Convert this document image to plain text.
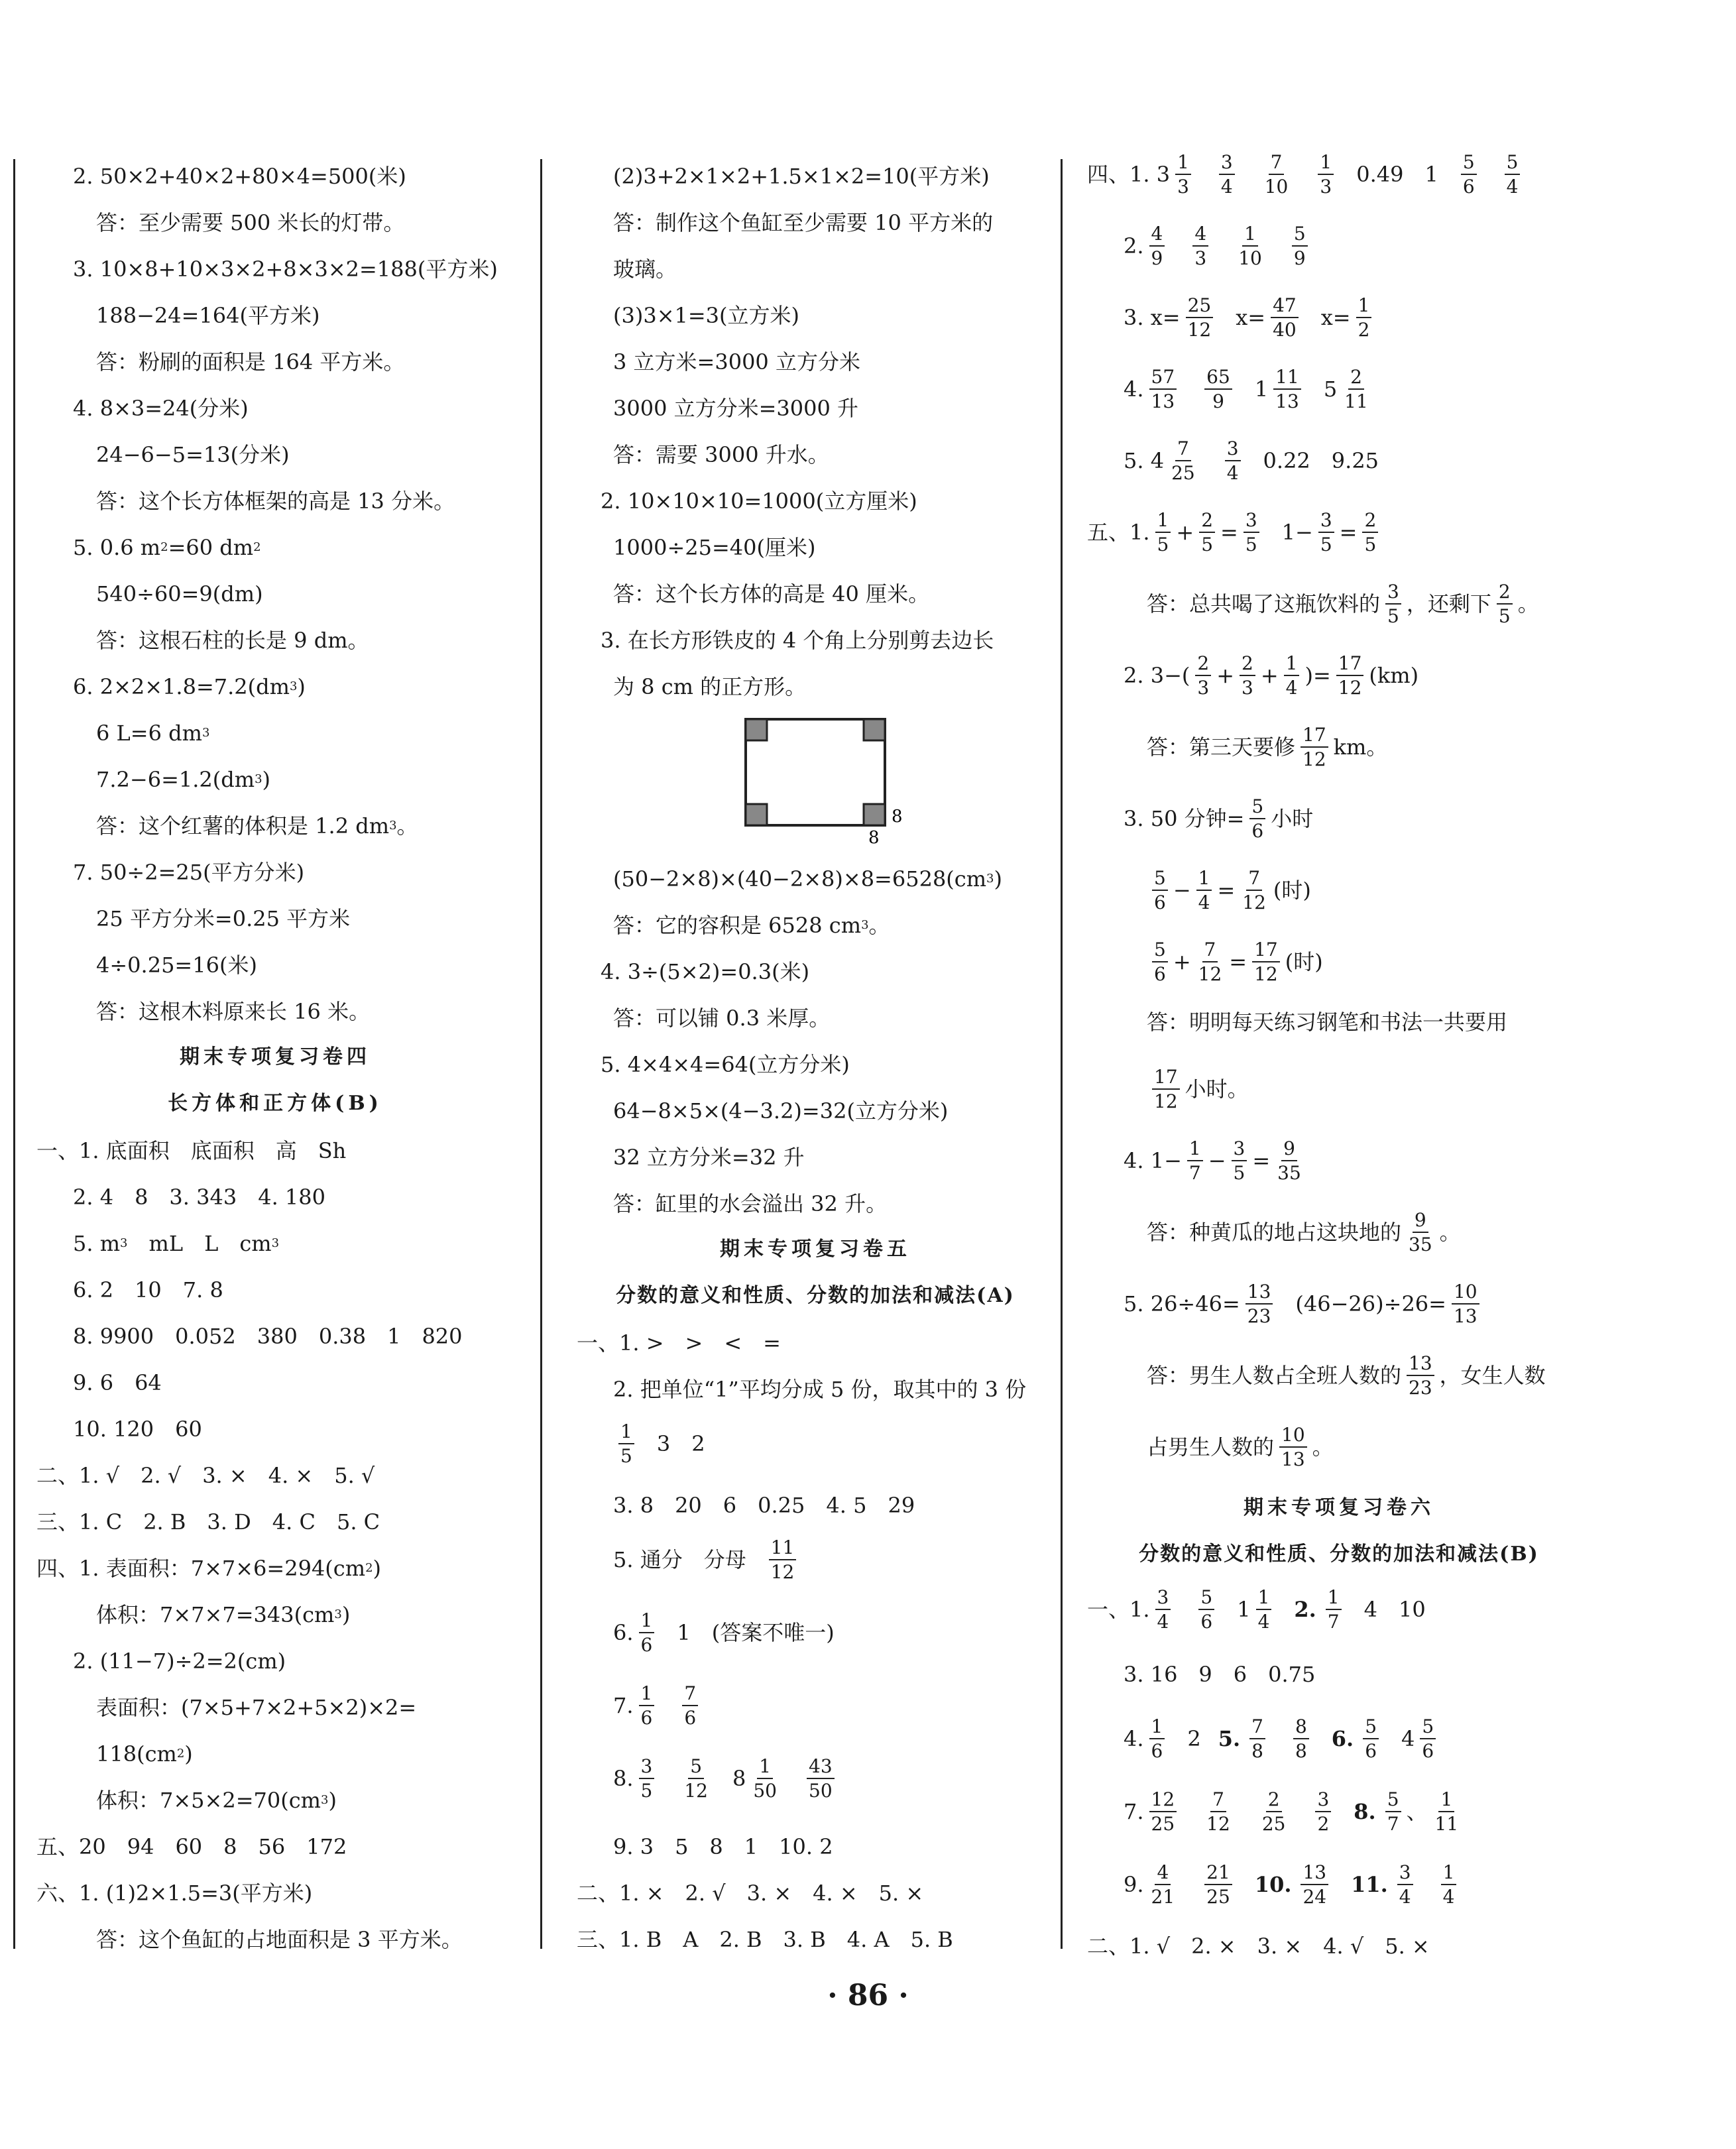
2. 50×2+40×2+80×4=500(米)
答：至少需要 500 米长的灯带。
3. 10×8+10×3×2+8×3×2=188(平方米)
188−24=164(平方米)
答：粉刷的面积是 164 平方米。
4. 8×3=24(分米)
24−6−5=13(分米)
答：这个长方体框架的高是 13 分米。
5. 0.6 m 2 =60 dm 2
540÷60=9(dm)
答：这根石柱的长是 9 dm。
6. 2×2×1.8=7.2(dm 3 )
6 L=6 dm 3
7.2−6=1.2(dm 3 )
答：这个红薯的体积是 1.2 dm 3 。
7. 50÷2=25(平方分米)
25 平方分米=0.25 平方米
4÷0.25=16(米)
答：这根木料原来长 16 米。
期末专项复习卷四
长方体和正方体(B)
一、1. 底面积　底面积　高　Sh
2. 4　8　3. 343　4. 180
5. m 3 　mL　L　cm 3
6. 2　10　7. 8
8. 9900　0.052　380　0.38　1　820
9. 6　64
10. 120　60
二、1. √　2. √　3. ×　4. ×　5. √
三、1. C　2. B　3. D　4. C　5. C
四、1. 表面积：7×7×6=294(cm 2 )
体积：7×7×7=343(cm 3 )
2. (11−7)÷2=2(cm)
表面积：(7×5+7×2+5×2)×2=
118(cm 2 )
体积：7×5×2=70(cm 3 )
五、20　94　60　8　56　172
六、1. (1)2×1.5=3(平方米)
答：这个鱼缸的占地面积是 3 平方米。
(2)3+2×1×2+1.5×1×2=10(平方米)
答：制作这个鱼缸至少需要 10 平方米的
玻璃。
(3)3×1=3(立方米)
3 立方米=3000 立方分米
3000 立方分米=3000 升
答：需要 3000 升水。
2. 10×10×10=1000(立方厘米)
1000÷25=40(厘米)
答：这个长方体的高是 40 厘米。
3. 在长方形铁皮的 4 个角上分别剪去边长
为 8 cm 的正方形。
8
8
(50−2×8)×(40−2×8)×8=6528(cm 3 )
答：它的容积是 6528 cm 3 。
4. 3÷(5×2)=0.3(米)
答：可以铺 0.3 米厚。
5. 4×4×4=64(立方分米)
64−8×5×(4−3.2)=32(立方分米)
32 立方分米=32 升
答：缸里的水会溢出 32 升。
期末专项复习卷五
分数的意义和性质、分数的加法和减法(A)
一、1. >　>　<　=
2. 把单位“1”平均分成 5 份，取其中的 3 份
$\frac{1}{5} 3$　2
3. 8　20　6　0.25　4. 5　29
5. 通分　分母 $\frac{11}{12}$
6. $\frac{1}{6} 1$　(答案不唯一)
7. $\frac{1}{6} \frac{7}{6}$
8. $\frac{3}{5} \frac{5}{12} 8 \frac{1}{50} \frac{43}{50}$
9. 3　5　8　1　10. 2
二、1. ×　2. √　3. ×　4. ×　5. ×
三、1. B　A　2. B　3. B　4. A　5. B
四、1. $3 \frac{1}{3} \frac{3}{4} \frac{7}{10} \frac{1}{3} 0.49$　$1 \frac{5}{6} \frac{5}{4}$
2. $\frac{4}{9} \frac{4}{3} \frac{1}{10} \frac{5}{9}$
3. $x= \frac{25}{12} x= \frac{47}{40} x= \frac{1}{2}$
4. $\frac{57}{13} \frac{65}{9} 1 \frac{11}{13} 5 \frac{2}{11}$
5. $4 \frac{7}{25} \frac{3}{4} 0.22$　9.25
五、1. $\frac{1}{5} + \frac{2}{5} = \frac{3}{5} 1- \frac{3}{5} = \frac{2}{5}$
答：总共喝了这瓶饮料的 $\frac{3}{5}$ ，还剩下 $\frac{2}{5}$ 。
2. $3-( \frac{2}{3} + \frac{2}{3} + \frac{1}{4}$ )= $\frac{17}{12} (km)$
答：第三天要修 $\frac{17}{12}$ km。
3. 50 分钟= $\frac{5}{6}$ 小时
$\frac{5}{6} - \frac{1}{4} = \frac{7}{12}$ (时)
$\frac{5}{6} + \frac{7}{12} = \frac{17}{12}$ (时)
答：明明每天练习钢笔和书法一共要用
$\frac{17}{12}$ 小时。
4. $1- \frac{1}{7} - \frac{3}{5} = \frac{9}{35}$
答：种黄瓜的地占这块地的 $\frac{9}{35}$ 。
5. $26\div 46= \frac{13}{23} (46-26)\div 26= \frac{10}{13}$
答：男生人数占全班人数的 $\frac{13}{23}$ ，女生人数
占男生人数的 $\frac{10}{13}$ 。
期末专项复习卷六
分数的意义和性质、分数的加法和减法(B)
一、1. $\frac{3}{4} \frac{5}{6} 1 \frac{1}{4} 2$. $\frac{1}{7} 4$　10
3. 16　9　6　0.75
4. $\frac{1}{6} 2$ 5. $\frac{7}{8} \frac{8}{8} 6$. $\frac{5}{6} 4 \frac{5}{6}$
7. $\frac{12}{25} \frac{7}{12} \frac{2}{25} \frac{3}{2} 8$. $\frac{5}{7}$ 、 $\frac{1}{11}$
9. $\frac{4}{21} \frac{21}{25} 10$. $\frac{13}{24} 11$. $\frac{3}{4} \frac{1}{4}$
二、1. √　2. ×　3. ×　4. √　5. ×
· 86 ·
